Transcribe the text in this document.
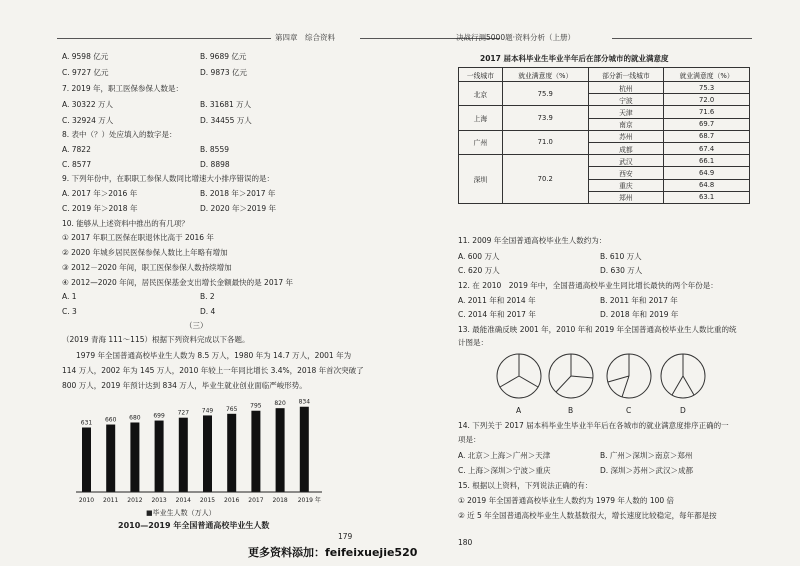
第四章　综合资料	决战行测5000题·资料分析（上册）
A. 9598 亿元	B. 9689 亿元
C. 9727 亿元	D. 9873 亿元
7. 2019 年，职工医保参保人数是：
A. 30322 万人	B. 31681 万人
C. 32924 万人	D. 34455 万人
8. 表中（？）处应填入的数字是：
A. 7822	B. 8559
C. 8577	D. 8898
9. 下列年份中，在职职工参保人数同比增速大小排序错误的是：
A. 2017 年＞2016 年	B. 2018 年＞2017 年
C. 2019 年＞2018 年	D. 2020 年＞2019 年
10. 能够从上述资料中推出的有几项？
① 2017 年职工医保在职退休比高于 2016 年
② 2020 年城乡居民医保参保人数比上年略有增加
③ 2012－2020 年间，职工医保参保人数持续增加
④ 2012—2020 年间，居民医保基金支出增长金额最快的是 2017 年
A. 1	B. 2
C. 3	D. 4
（三）
（2019 青海 111～115）根据下列资料完成以下各题。
1979 年全国普通高校毕业生人数为 8.5 万人，1980 年为 14.7 万人，2001 年为
114 万人，2002 年为 145 万人，2010 年较上一年同比增长 3.4%，2018 年首次突破了
800 万人，2019 年预计达到 834 万人，毕业生就业创业面临严峻形势。
631 660 680 699 727 749 765 795 820 834
2010 2011 2012 2013 2014 2015 2016 2017 2018 2019 年
■毕业生人数（万人）
2010—2019 年全国普通高校毕业生人数
179
更多资料添加：feifeixuejie520
2017 届本科毕业生毕业半年后在部分城市的就业满意度
一线城市	就业满意度（%）	部分新一线城市	就业满意度（%）
北京	75.9	杭州	75.3
		宁波	72.0
上海	73.9	天津	71.6
		南京	69.7
广州	71.0	苏州	68.7
		成都	67.4
深圳	70.2	武汉	66.1
		西安	64.9
		重庆	64.8
		郑州	63.1
11. 2009 年全国普通高校毕业生人数约为：
A. 600 万人	B. 610 万人
C. 620 万人	D. 630 万人
12. 在 2010　2019 年中，全国普通高校毕业生同比增长最快的两个年份是：
A. 2011 年和 2014 年	B. 2011 年和 2017 年
C. 2014 年和 2017 年	D. 2018 年和 2019 年
13. 最能准确反映 2001 年，2010 年和 2019 年全国普通高校毕业生人数比重的统
计图是：
A	B	C	D
14. 下列关于 2017 届本科毕业生毕业半年后在各城市的就业满意度排序正确的一
项是：
A. 北京＞上海＞广州＞天津	B. 广州＞深圳＞南京＞郑州
C. 上海＞深圳＞宁波＞重庆	D. 深圳＞苏州＞武汉＞成都
15. 根据以上资料，下列说法正确的有：
① 2019 年全国普通高校毕业生人数约为 1979 年人数的 100 倍
② 近 5 年全国普通高校毕业生人数基数很大，增长速度比较稳定，每年都是按
180
